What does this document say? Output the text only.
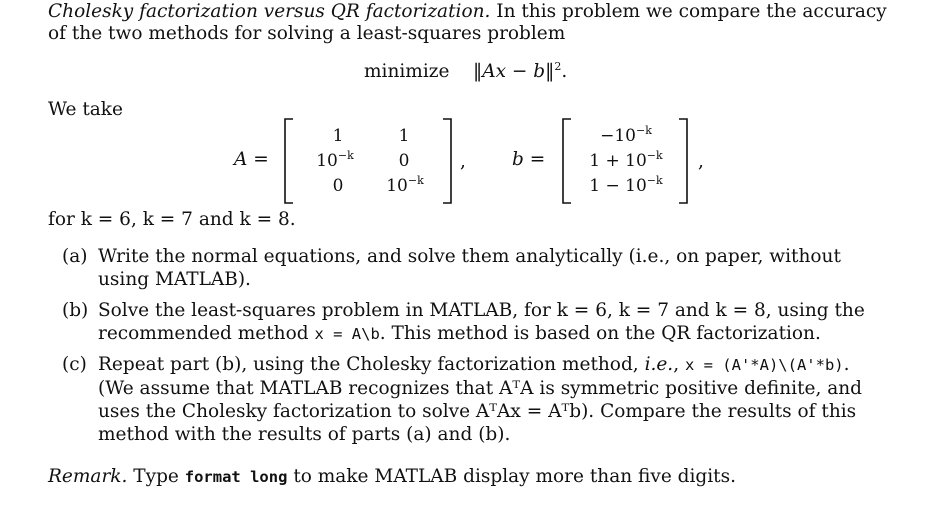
Cholesky factorization versus QR factorization. In this problem we compare the accuracy
of the two methods for solving a least-squares problem
minimize ‖Ax − b‖$^2$.
We take
A =
1	1
$10^{-k}$	0
0	$10^{-k}$
, b =
$-10^{-k}$
$1 + 10^{-k}$
$1 - 10^{-k}$
,
for k = 6, k = 7 and k = 8.
(a) Write the normal equations, and solve them analytically (i.e., on paper, without
using MATLAB).
(b) Solve the least-squares problem in MATLAB, for k = 6, k = 7 and k = 8, using the
recommended method x = A\b. This method is based on the QR factorization.
(c) Repeat part (b), using the Cholesky factorization method, i.e., x = (A'*A)\(A'*b).
(We assume that MATLAB recognizes that AᵀA is symmetric positive definite, and
uses the Cholesky factorization to solve AᵀAx = Aᵀb). Compare the results of this
method with the results of parts (a) and (b).
Remark. Type format long to make MATLAB display more than five digits.
